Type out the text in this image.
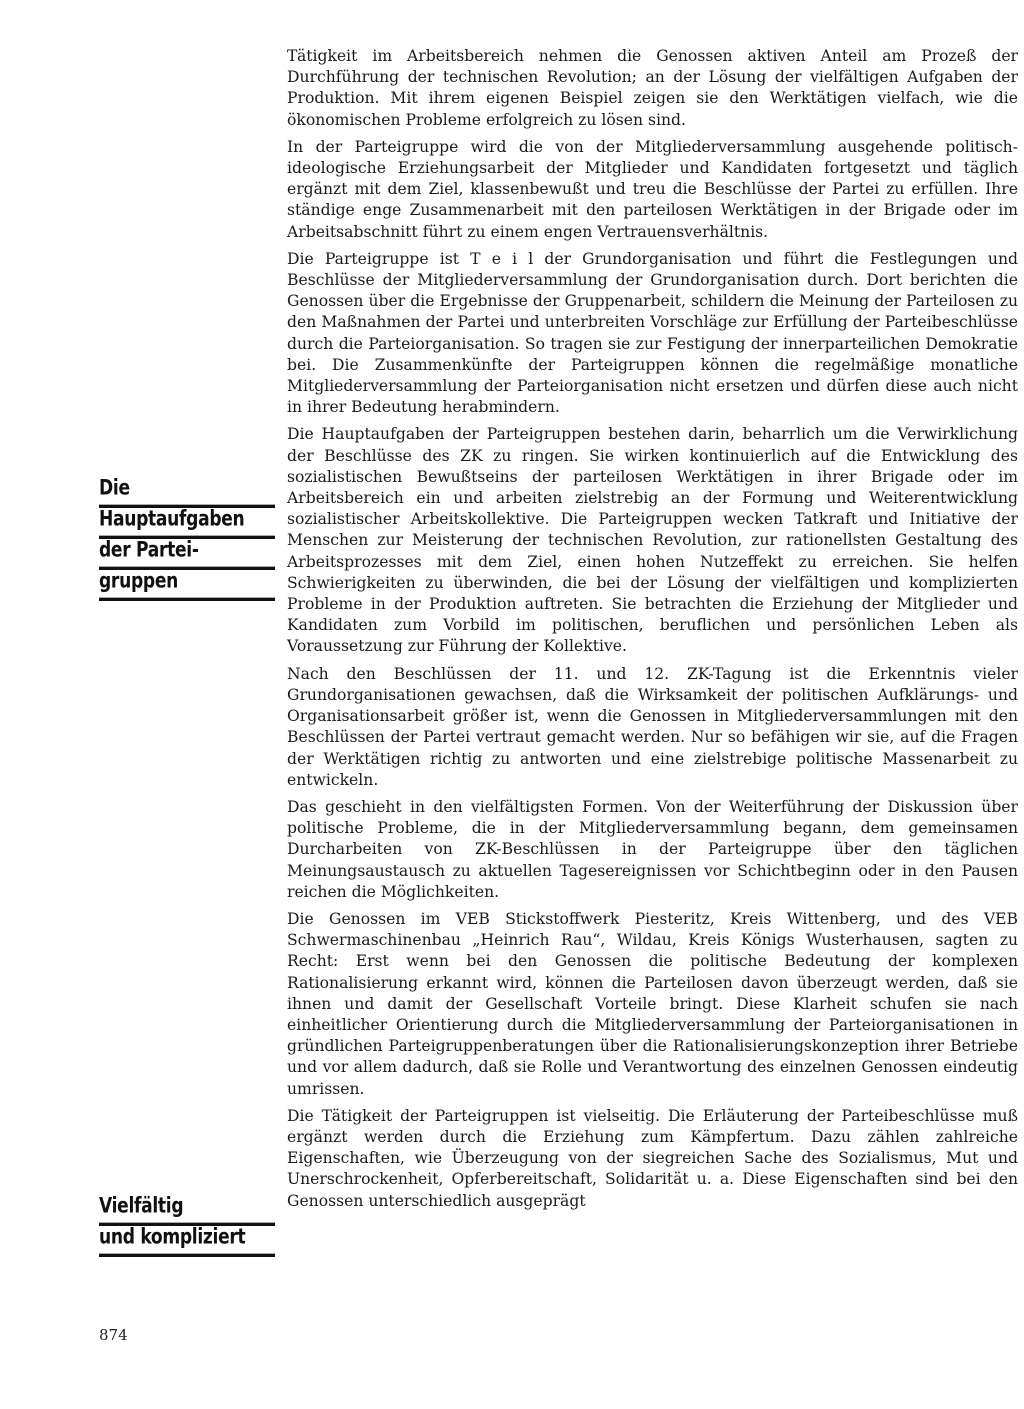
Die
Hauptaufgaben
der Partei-
gruppen
Vielfältig
und kompliziert

Tätigkeit im Arbeitsbereich nehmen die Genossen aktiven Anteil am Prozeß der Durchführung der technischen Revolution; an der Lösung der vielfältigen Aufgaben der Produktion. Mit ihrem eigenen Beispiel zeigen sie den Werktätigen vielfach, wie die ökonomischen Probleme erfolgreich zu lösen sind.

In der Parteigruppe wird die von der Mitgliederversammlung ausgehende politisch-ideologische Erziehungsarbeit der Mitglieder und Kandidaten fortgesetzt und täglich ergänzt mit dem Ziel, klassenbewußt und treu die Beschlüsse der Partei zu erfüllen. Ihre ständige enge Zusammenarbeit mit den parteilosen Werktätigen in der Brigade oder im Arbeitsabschnitt führt zu einem engen Vertrauensverhältnis.

Die Parteigruppe ist T e i l der Grundorganisation und führt die Festlegungen und Beschlüsse der Mitgliederversammlung der Grundorganisation durch. Dort berichten die Genossen über die Ergebnisse der Gruppenarbeit, schildern die Meinung der Parteilosen zu den Maßnahmen der Partei und unterbreiten Vorschläge zur Erfüllung der Parteibeschlüsse durch die Parteiorganisation. So tragen sie zur Festigung der innerparteilichen Demokratie bei. Die Zusammenkünfte der Parteigruppen können die regelmäßige monatliche Mitgliederversammlung der Parteiorganisation nicht ersetzen und dürfen diese auch nicht in ihrer Bedeutung herabmindern.

Die Hauptaufgaben der Parteigruppen bestehen darin, beharrlich um die Verwirklichung der Beschlüsse des ZK zu ringen. Sie wirken kontinuierlich auf die Entwicklung des sozialistischen Bewußtseins der parteilosen Werktätigen in ihrer Brigade oder im Arbeitsbereich ein und arbeiten zielstrebig an der Formung und Weiterentwicklung sozialistischer Arbeitskollektive. Die Parteigruppen wecken Tatkraft und Initiative der Menschen zur Meisterung der technischen Revolution, zur rationellsten Gestaltung des Arbeitsprozesses mit dem Ziel, einen hohen Nutzeffekt zu erreichen. Sie helfen Schwierigkeiten zu überwinden, die bei der Lösung der vielfältigen und komplizierten Probleme in der Produktion auftreten. Sie betrachten die Erziehung der Mitglieder und Kandidaten zum Vorbild im politischen, beruflichen und persönlichen Leben als Voraussetzung zur Führung der Kollektive.

Nach den Beschlüssen der 11. und 12. ZK-Tagung ist die Erkenntnis vieler Grundorganisationen gewachsen, daß die Wirksamkeit der politischen Aufklärungs- und Organisationsarbeit größer ist, wenn die Genossen in Mitgliederversammlungen mit den Beschlüssen der Partei vertraut gemacht werden. Nur so befähigen wir sie, auf die Fragen der Werktätigen richtig zu antworten und eine zielstrebige politische Massenarbeit zu entwickeln.

Das geschieht in den vielfältigsten Formen. Von der Weiterführung der Diskussion über politische Probleme, die in der Mitgliederversammlung begann, dem gemeinsamen Durcharbeiten von ZK-Beschlüssen in der Parteigruppe über den täglichen Meinungsaustausch zu aktuellen Tagesereignissen vor Schichtbeginn oder in den Pausen reichen die Möglichkeiten.

Die Genossen im VEB Stickstoffwerk Piesteritz, Kreis Wittenberg, und des VEB Schwermaschinenbau „Heinrich Rau“, Wildau, Kreis Königs Wusterhausen, sagten zu Recht: Erst wenn bei den Genossen die politische Bedeutung der komplexen Rationalisierung erkannt wird, können die Parteilosen davon überzeugt werden, daß sie ihnen und damit der Gesellschaft Vorteile bringt. Diese Klarheit schufen sie nach einheitlicher Orientierung durch die Mitgliederversammlung der Parteiorganisationen in gründlichen Parteigruppenberatungen über die Rationalisierungskonzeption ihrer Betriebe und vor allem dadurch, daß sie Rolle und Verantwortung des einzelnen Genossen eindeutig umrissen.

Die Tätigkeit der Parteigruppen ist vielseitig. Die Erläuterung der Parteibeschlüsse muß ergänzt werden durch die Erziehung zum Kämpfertum. Dazu zählen zahlreiche Eigenschaften, wie Überzeugung von der siegreichen Sache des Sozialismus, Mut und Unerschrockenheit, Opferbereitschaft, Solidarität u. a. Diese Eigenschaften sind bei den Genossen unterschiedlich ausgeprägt

874
